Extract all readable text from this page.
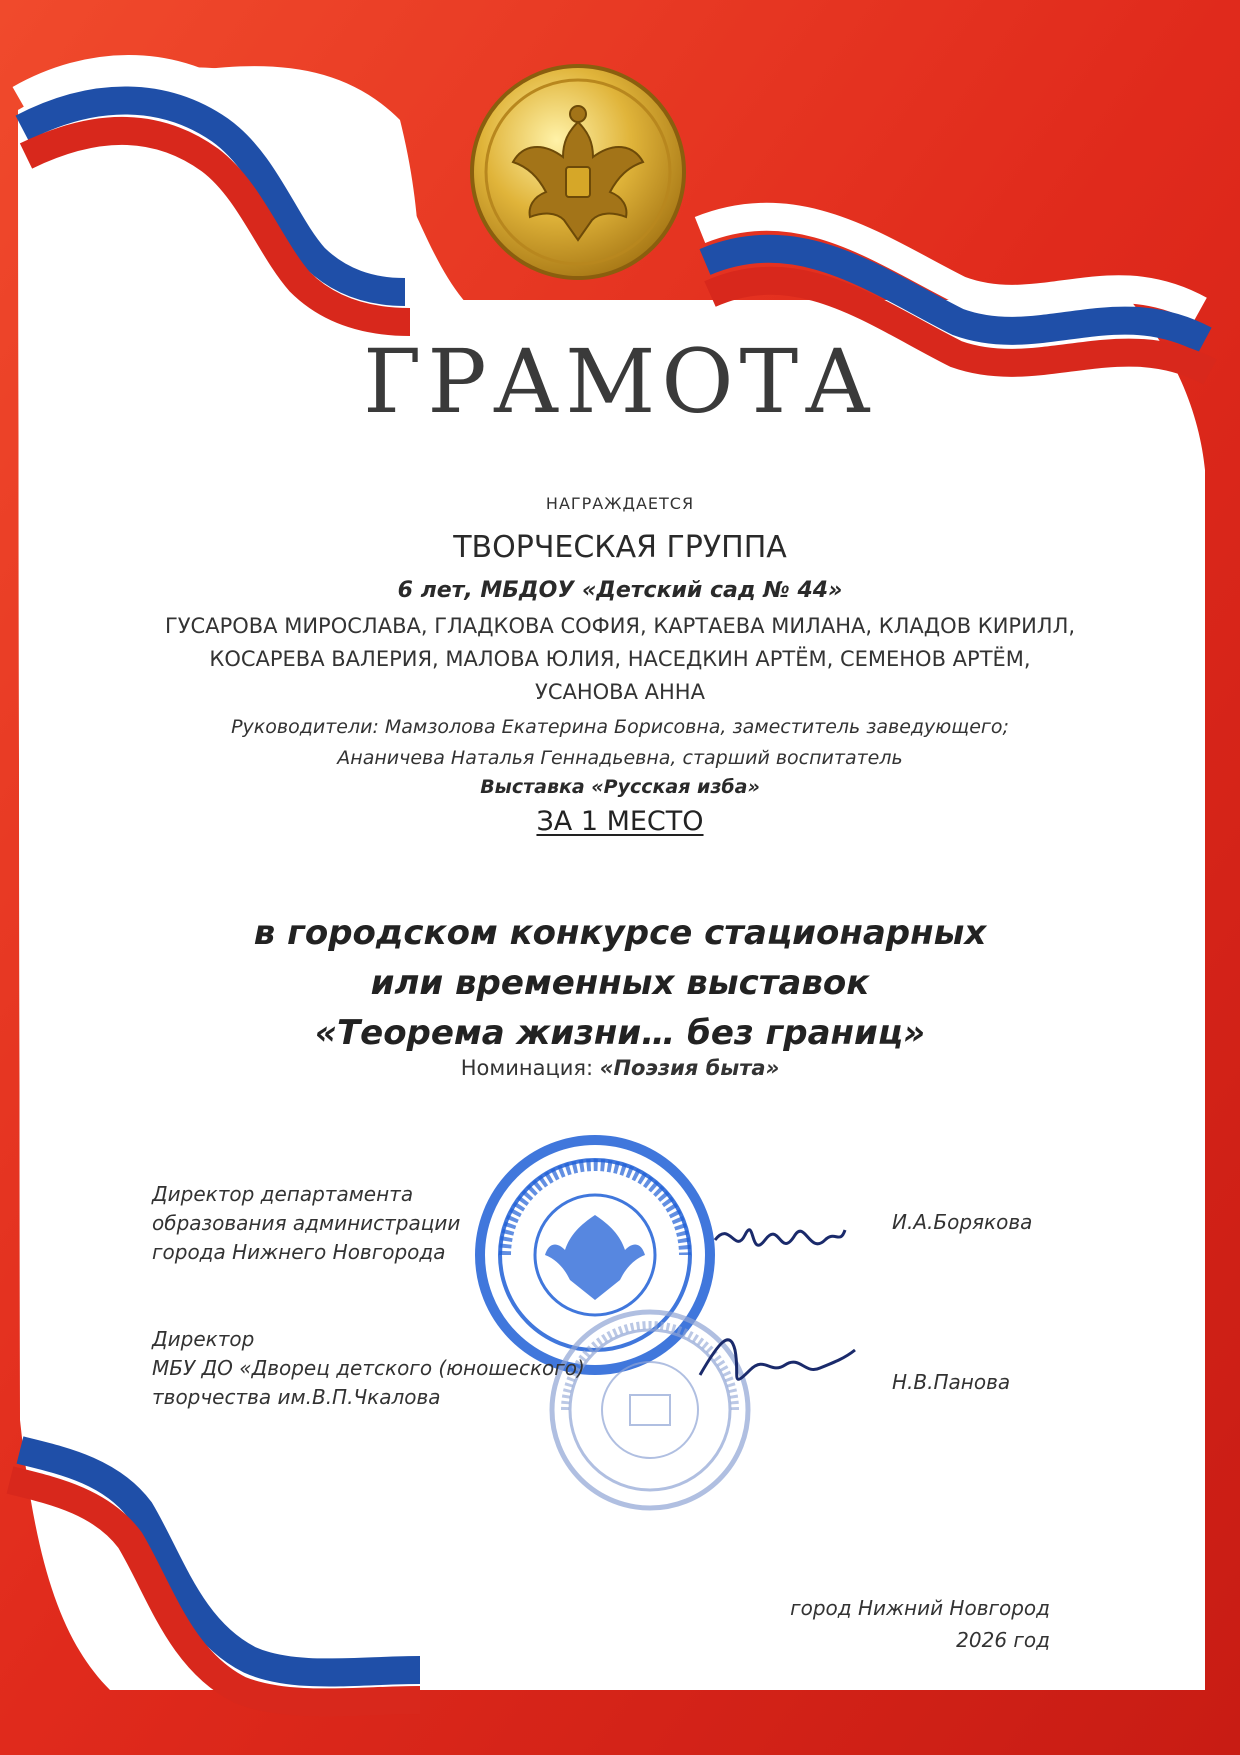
ГРАМОТА
НАГРАЖДАЕТСЯ
ТВОРЧЕСКАЯ ГРУППА
6 лет, МБДОУ «Детский сад № 44»
ГУСАРОВА МИРОСЛАВА, ГЛАДКОВА СОФИЯ, КАРТАЕВА МИЛАНА, КЛАДОВ КИРИЛЛ,
КОСАРЕВА ВАЛЕРИЯ, МАЛОВА ЮЛИЯ, НАСЕДКИН АРТЁМ, СЕМЕНОВ АРТЁМ,
УСАНОВА АННА
Руководители: Мамзолова Екатерина Борисовна, заместитель заведующего;
Ананичева Наталья Геннадьевна, старший воспитатель
Выставка «Русская изба»
ЗА 1 МЕСТО
в городском конкурсе стационарных
или временных выставок
«Теорема жизни… без границ»
Номинация: «Поэзия быта»
Директор департамента
образования администрации
города Нижнего Новгорода
И.А.Борякова
Директор
МБУ ДО «Дворец детского (юношеского)
творчества им.В.П.Чкалова
Н.В.Панова
город Нижний Новгород
2026 год
